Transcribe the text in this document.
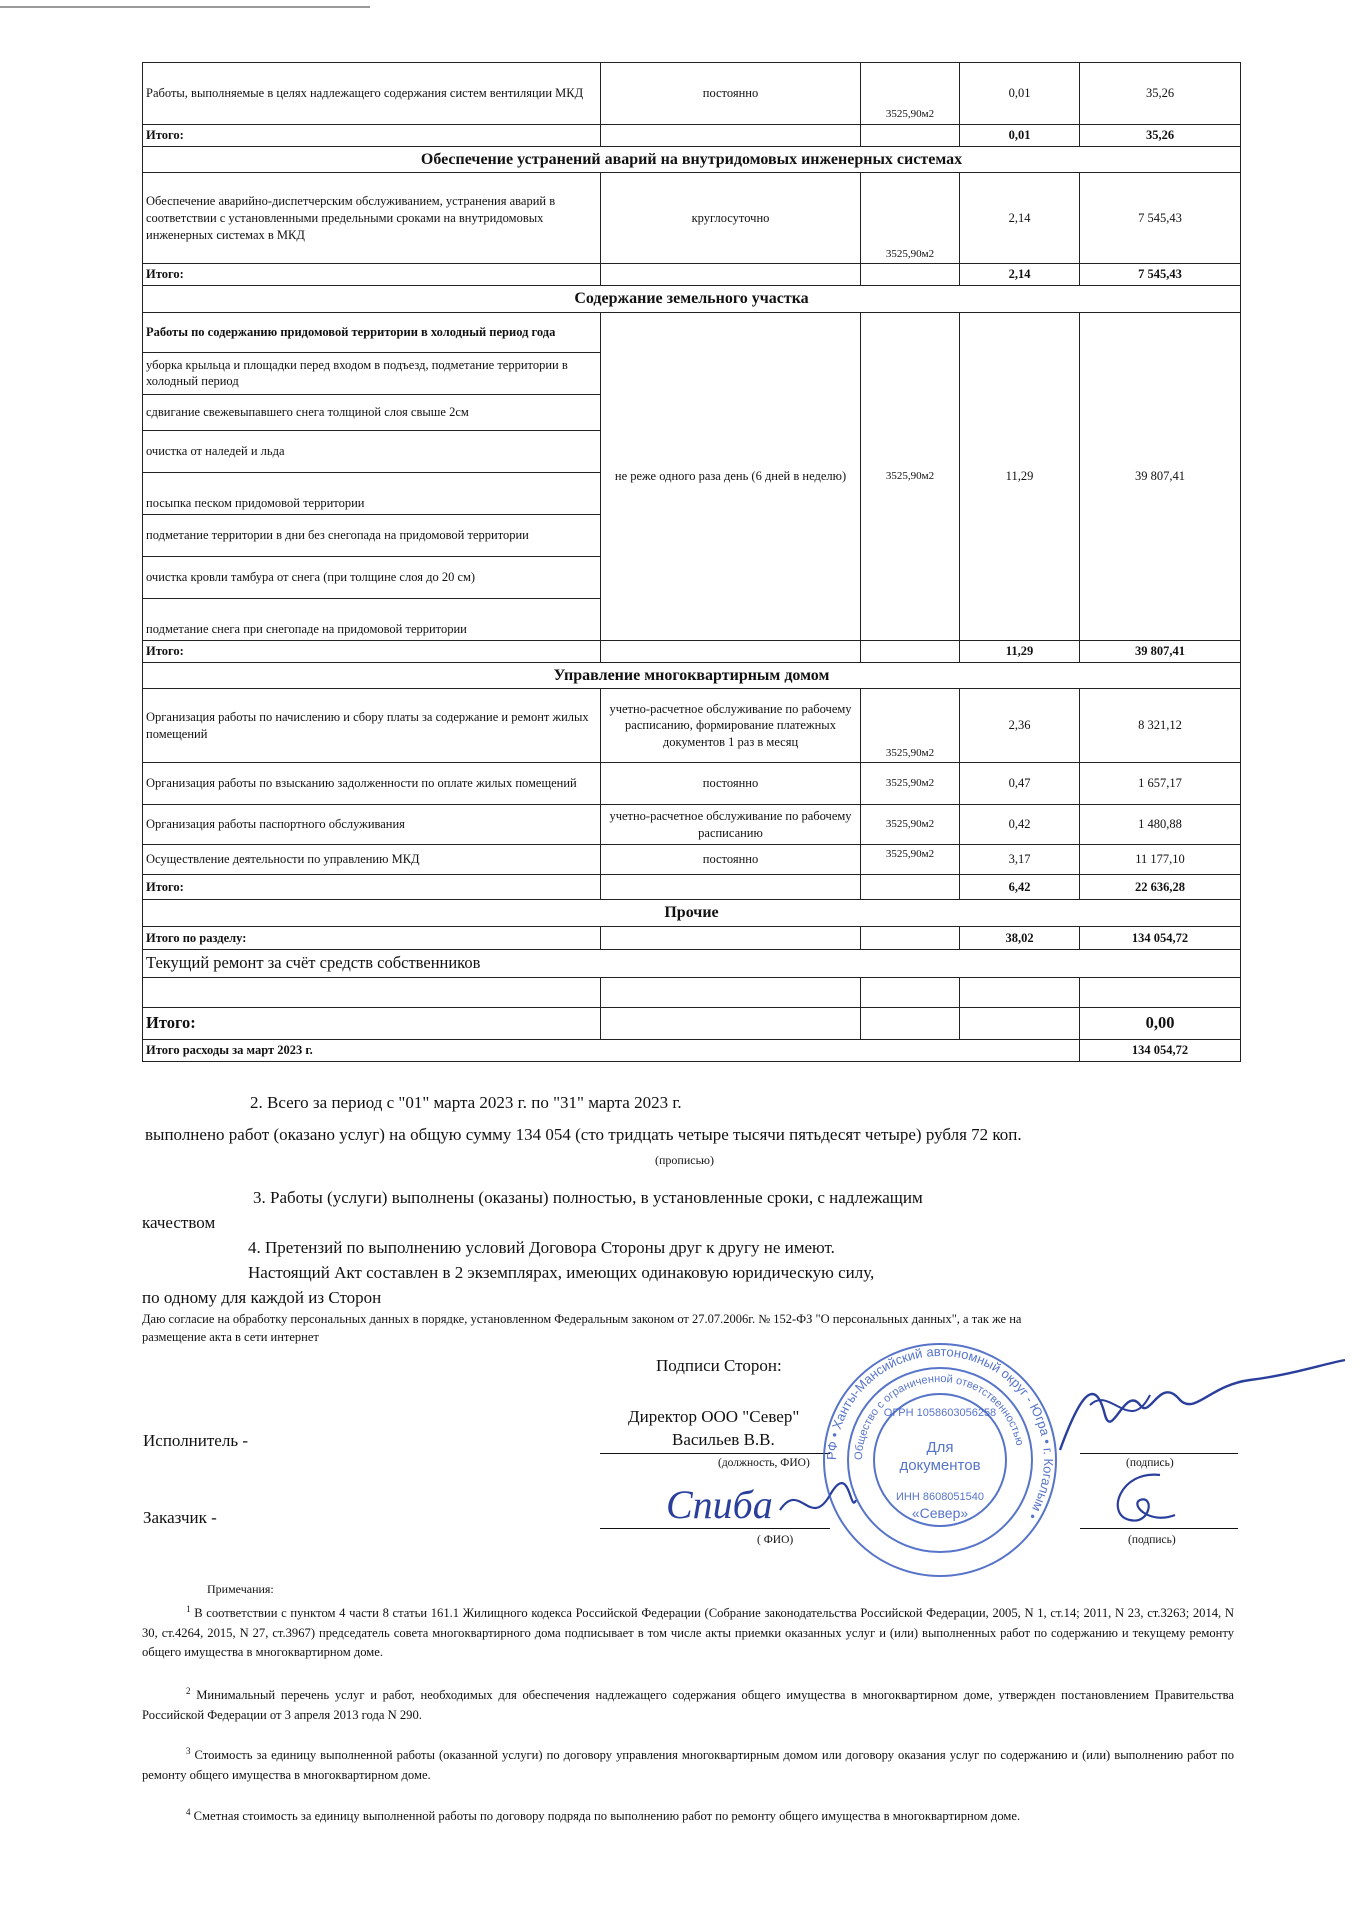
Работы, выполняемые в целях надлежащего содержания систем вентиляции МКД	постоянно	3525,90м2	0,01	35,26
Итого:			0,01	35,26
Обеспечение устранений аварий на внутридомовых инженерных системах				
Обеспечение аварийно-диспетчерским обслуживанием, устранения аварий в соответствии с установленными предельными сроками на внутридомовых инженерных системах в МКД	круглосуточно	3525,90м2	2,14	7 545,43
Итого:			2,14	7 545,43
Содержание земельного участка				
Работы по содержанию придомовой территории в холодный период года	не реже одного раза день (6 дней в неделю)	3525,90м2	11,29	39 807,41
уборка крыльца и площадки перед входом в подъезд, подметание территории в холодный период				
сдвигание свежевыпавшего снега толщиной слоя свыше 2см				
очистка от наледей и льда				
посыпка песком придомовой территории				
подметание территории в дни без снегопада на придомовой территории				
очистка кровли тамбура от снега (при толщине слоя до 20 см)				
подметание снега при снегопаде на придомовой территории				
Итого:			11,29	39 807,41
Управление многоквартирным домом				
Организация работы по начислению и сбору платы за содержание и ремонт жилых помещений	учетно-расчетное обслуживание по рабочему расписанию, формирование платежных документов 1 раз в месяц	3525,90м2	2,36	8 321,12
Организация работы по взысканию задолженности по оплате жилых помещений	постоянно	3525,90м2	0,47	1 657,17
Организация работы паспортного обслуживания	учетно-расчетное обслуживание по рабочему расписанию	3525,90м2	0,42	1 480,88
Осуществление деятельности по управлению МКД	постоянно	3525,90м2	3,17	11 177,10
Итого:			6,42	22 636,28
Прочие				
Итого по разделу:			38,02	134 054,72
Текущий ремонт за счёт средств собственников				

Итого:				0,00
Итого расходы за март 2023 г.				134 054,72
2. Всего за период с "01" марта 2023 г. по "31" марта 2023 г.
выполнено работ (оказано услуг) на общую сумму 134 054 (сто тридцать четыре тысячи пятьдесят четыре) рубля 72 коп.
(прописью)
3. Работы (услуги) выполнены (оказаны) полностью, в установленные сроки, с надлежащим
качеством
4. Претензий по выполнению условий Договора Стороны друг к другу не имеют.
Настоящий Акт составлен в 2 экземплярах, имеющих одинаковую юридическую силу,
по одному для каждой из Сторон
Даю согласие на обработку персональных данных в порядке, установленном Федеральным законом от 27.07.2006г. № 152-ФЗ "О персональных данных", а так же на
размещение акта в сети интернет
Подписи Сторон:
Директор ООО "Север"
Васильев В.В.
Исполнитель -
(должность, ФИО)	(подпись)
Заказчик -
( ФИО)	(подпись)
Спиба
РФ • Ханты-Мансийский автономный округ - Югра • г. Когалым •
Общество с ограниченной ответственностью
ОГРН 1058603056258
Для
документов
ИНН 8608051540
«Север»
Примечания:
$^1$ В соответствии с пунктом 4 части 8 статьи 161.1 Жилищного кодекса Российской Федерации (Собрание законодательства Российской Федерации, 2005, N 1, ст.14; 2011, N 23, ст.3263; 2014, N 30, ст.4264, 2015, N 27, ст.3967) председатель совета многоквартирного дома подписывает в том числе акты приемки оказанных услуг и (или) выполненных работ по содержанию и текущему ремонту общего имущества в многоквартирном доме.
$^2$ Минимальный перечень услуг и работ, необходимых для обеспечения надлежащего содержания общего имущества в многоквартирном доме, утвержден постановлением Правительства Российской Федерации от 3 апреля 2013 года N 290.
$^3$ Стоимость за единицу выполненной работы (оказанной услуги) по договору управления многоквартирным домом или договору оказания услуг по содержанию и (или) выполнению работ по ремонту общего имущества в многоквартирном доме.
$^4$ Сметная стоимость за единицу выполненной работы по договору подряда по выполнению работ по ремонту общего имущества в многоквартирном доме.
